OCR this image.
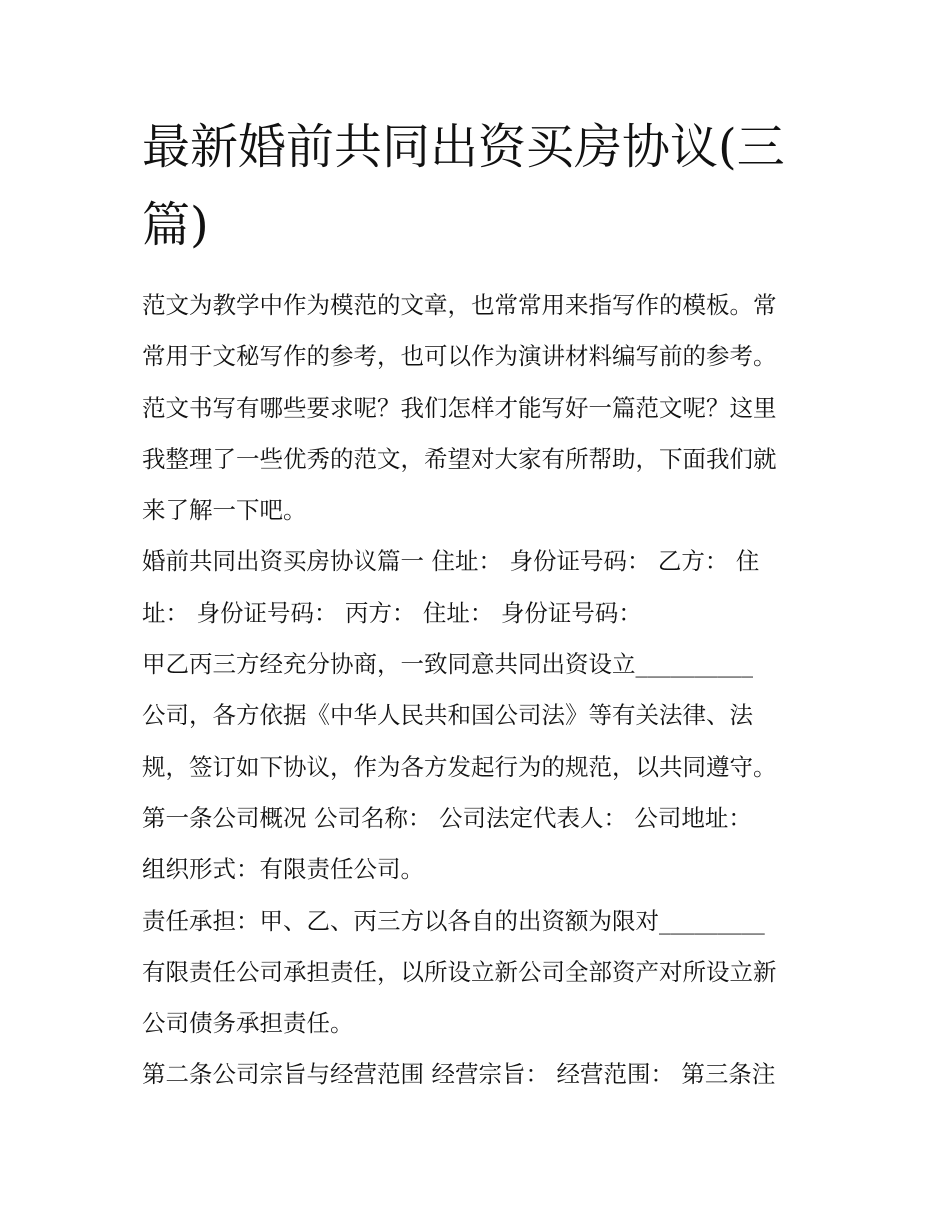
最新婚前共同出资买房协议(三
篇)
范文为教学中作为模范的文章，也常常用来指写作的模板。常
常用于文秘写作的参考，也可以作为演讲材料编写前的参考。
范文书写有哪些要求呢？我们怎样才能写好一篇范文呢？这里
我整理了一些优秀的范文，希望对大家有所帮助，下面我们就
来了解一下吧。
婚前共同出资买房协议篇一 住址： 身份证号码： 乙方： 住
址： 身份证号码： 丙方： 住址： 身份证号码：
甲乙丙三方经充分协商，一致同意共同出资设立__________
公司，各方依据《中华人民共和国公司法》等有关法律、法
规，签订如下协议，作为各方发起行为的规范，以共同遵守。
第一条公司概况 公司名称： 公司法定代表人： 公司地址：
组织形式：有限责任公司。
责任承担：甲、乙、丙三方以各自的出资额为限对_________
有限责任公司承担责任，以所设立新公司全部资产对所设立新
公司债务承担责任。
第二条公司宗旨与经营范围 经营宗旨： 经营范围： 第三条注
